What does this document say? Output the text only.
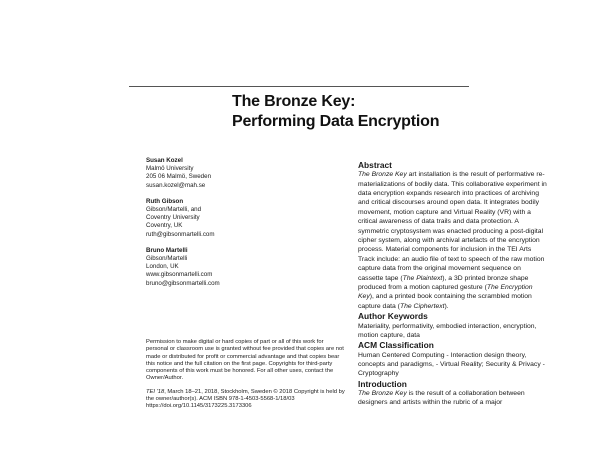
The Bronze Key:
Performing Data Encryption
Susan Kozel
Malmö University
205 06 Malmö, Sweden
susan.kozel@mah.se
Ruth Gibson
Gibson/Martelli, and
Coventry University
Coventry, UK
ruth@gibsonmartelli.com
Bruno Martelli
Gibson/Martelli
London, UK
www.gibsonmartelli.com
bruno@gibsonmartelli.com

Permission to make digital or hard copies of part or all of this work for personal or classroom use is granted without fee provided that copies are not made or distributed for profit or commercial advantage and that copies bear this notice and the full citation on the first page. Copyrights for third-party components of this work must be honored. For all other uses, contact the Owner/Author.

TEI '18, March 18–21, 2018, Stockholm, Sweden © 2018 Copyright is held by the owner/author(s). ACM ISBN 978-1-4503-5568-1/18/03 https://doi.org/10.1145/3173225.3173306

Abstract

The Bronze Key art installation is the result of performative re-materializations of bodily data. This collaborative experiment in data encryption expands research into practices of archiving and critical discourses around open data. It integrates bodily movement, motion capture and Virtual Reality (VR) with a critical awareness of data trails and data protection. A symmetric cryptosystem was enacted producing a post-digital cipher system, along with archival artefacts of the encryption process. Material components for inclusion in the TEI Arts Track include: an audio file of text to speech of the raw motion capture data from the original movement sequence on cassette tape (The Plaintext), a 3D printed bronze shape produced from a motion captured gesture (The Encryption Key), and a printed book containing the scrambled motion capture data (The Ciphertext).

Author Keywords

Materiality, performativity, embodied interaction, encryption, motion capture, data

ACM Classification

Human Centered Computing - Interaction design theory, concepts and paradigms, - Virtual Reality; Security & Privacy - Cryptography

Introduction

The Bronze Key is the result of a collaboration between designers and artists within the rubric of a major
